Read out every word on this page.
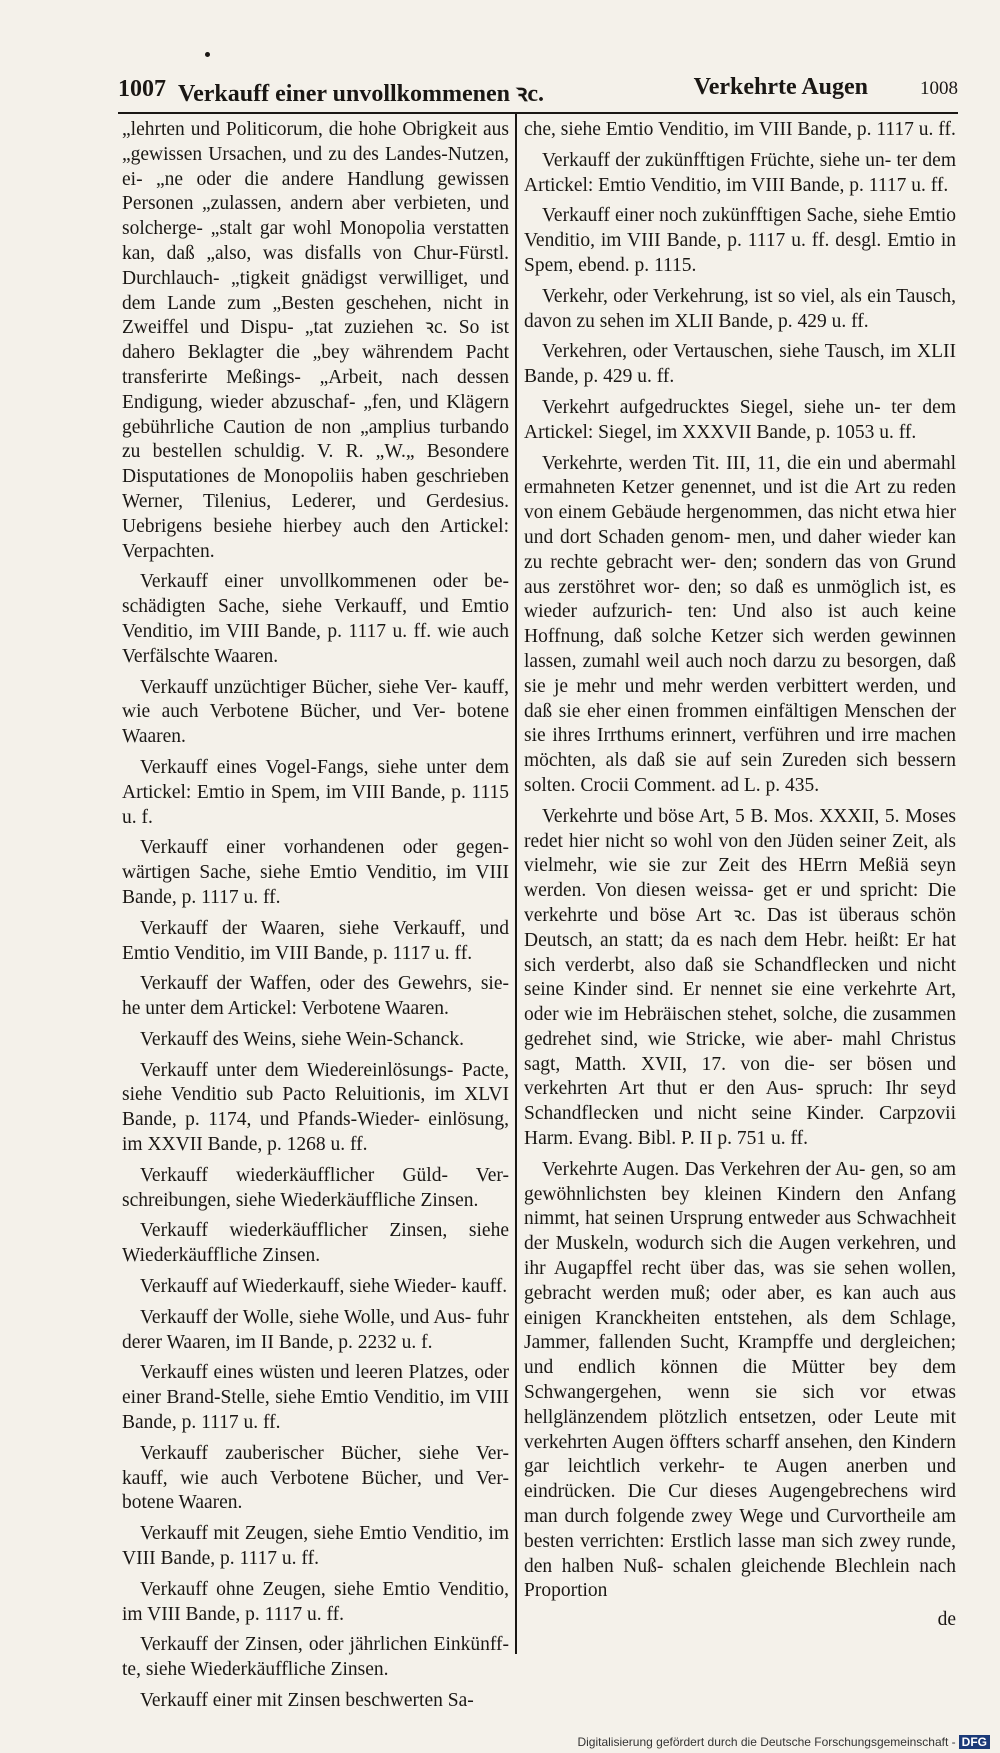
1007 Verkauff einer unvollkommenen ꝛc.	Verkehrte Augen	1008

„lehrten und Politicorum, die hohe Obrigkeit aus „gewissen Ursachen, und zu des Landes-Nutzen, ei- „ne oder die andere Handlung gewissen Personen „zulassen, andern aber verbieten, und solcherge- „stalt gar wohl Monopolia verstatten kan, daß „also, was disfalls von Chur-Fürstl. Durchlauch- „tigkeit gnädigst verwilliget, und dem Lande zum „Besten geschehen, nicht in Zweiffel und Dispu- „tat zuziehen ꝛc. So ist dahero Beklagter die „bey währendem Pacht transferirte Meßings- „Arbeit, nach dessen Endigung, wieder abzuschaf- „fen, und Klägern gebührliche Caution de non „amplius turbando zu bestellen schuldig. V. R. „W.„ Besondere Disputationes de Monopoliis haben geschrieben Werner, Tilenius, Lederer, und Gerdesius. Uebrigens besiehe hierbey auch den Artickel: Verpachten.

Verkauff einer unvollkommenen oder be- schädigten Sache, siehe Verkauff, und Emtio Venditio, im VIII Bande, p. 1117 u. ff. wie auch Verfälschte Waaren.

Verkauff unzüchtiger Bücher, siehe Ver- kauff, wie auch Verbotene Bücher, und Ver- botene Waaren.

Verkauff eines Vogel-Fangs, siehe unter dem Artickel: Emtio in Spem, im VIII Bande, p. 1115 u. f.

Verkauff einer vorhandenen oder gegen- wärtigen Sache, siehe Emtio Venditio, im VIII Bande, p. 1117 u. ff.

Verkauff der Waaren, siehe Verkauff, und Emtio Venditio, im VIII Bande, p. 1117 u. ff.

Verkauff der Waffen, oder des Gewehrs, sie- he unter dem Artickel: Verbotene Waaren.

Verkauff des Weins, siehe Wein-Schanck.

Verkauff unter dem Wiedereinlösungs- Pacte, siehe Venditio sub Pacto Reluitionis, im XLVI Bande, p. 1174, und Pfands-Wieder- einlösung, im XXVII Bande, p. 1268 u. ff.

Verkauff wiederkäufflicher Güld- Ver- schreibungen, siehe Wiederkäuffliche Zinsen.

Verkauff wiederkäufflicher Zinsen, siehe Wiederkäuffliche Zinsen.

Verkauff auf Wiederkauff, siehe Wieder- kauff.

Verkauff der Wolle, siehe Wolle, und Aus- fuhr derer Waaren, im II Bande, p. 2232 u. f.

Verkauff eines wüsten und leeren Platzes, oder einer Brand-Stelle, siehe Emtio Venditio, im VIII Bande, p. 1117 u. ff.

Verkauff zauberischer Bücher, siehe Ver- kauff, wie auch Verbotene Bücher, und Ver- botene Waaren.

Verkauff mit Zeugen, siehe Emtio Venditio, im VIII Bande, p. 1117 u. ff.

Verkauff ohne Zeugen, siehe Emtio Venditio, im VIII Bande, p. 1117 u. ff.

Verkauff der Zinsen, oder jährlichen Einkünff- te, siehe Wiederkäuffliche Zinsen.

Verkauff einer mit Zinsen beschwerten Sa-

che, siehe Emtio Venditio, im VIII Bande, p. 1117 u. ff.

Verkauff der zukünfftigen Früchte, siehe un- ter dem Artickel: Emtio Venditio, im VIII Bande, p. 1117 u. ff.

Verkauff einer noch zukünfftigen Sache, siehe Emtio Venditio, im VIII Bande, p. 1117 u. ff. desgl. Emtio in Spem, ebend. p. 1115.

Verkehr, oder Verkehrung, ist so viel, als ein Tausch, davon zu sehen im XLII Bande, p. 429 u. ff.

Verkehren, oder Vertauschen, siehe Tausch, im XLII Bande, p. 429 u. ff.

Verkehrt aufgedrucktes Siegel, siehe un- ter dem Artickel: Siegel, im XXXVII Bande, p. 1053 u. ff.

Verkehrte, werden Tit. III, 11, die ein und abermahl ermahneten Ketzer genennet, und ist die Art zu reden von einem Gebäude hergenommen, das nicht etwa hier und dort Schaden genom- men, und daher wieder kan zu rechte gebracht wer- den; sondern das von Grund aus zerstöhret wor- den; so daß es unmöglich ist, es wieder aufzurich- ten: Und also ist auch keine Hoffnung, daß solche Ketzer sich werden gewinnen lassen, zumahl weil auch noch darzu zu besorgen, daß sie je mehr und mehr werden verbittert werden, und daß sie eher einen frommen einfältigen Menschen der sie ihres Irrthums erinnert, verführen und irre machen möchten, als daß sie auf sein Zureden sich bessern solten. Crocii Comment. ad L. p. 435.

Verkehrte und böse Art, 5 B. Mos. XXXII, 5. Moses redet hier nicht so wohl von den Jüden seiner Zeit, als vielmehr, wie sie zur Zeit des HErrn Meßiä seyn werden. Von diesen weissa- get er und spricht: Die verkehrte und böse Art ꝛc. Das ist überaus schön Deutsch, an statt; da es nach dem Hebr. heißt: Er hat sich verderbt, also daß sie Schandflecken und nicht seine Kinder sind. Er nennet sie eine verkehrte Art, oder wie im Hebräischen stehet, solche, die zusammen gedrehet sind, wie Stricke, wie aber- mahl Christus sagt, Matth. XVII, 17. von die- ser bösen und verkehrten Art thut er den Aus- spruch: Ihr seyd Schandflecken und nicht seine Kinder. Carpzovii Harm. Evang. Bibl. P. II p. 751 u. ff.

Verkehrte Augen. Das Verkehren der Au- gen, so am gewöhnlichsten bey kleinen Kindern den Anfang nimmt, hat seinen Ursprung entweder aus Schwachheit der Muskeln, wodurch sich die Augen verkehren, und ihr Augapffel recht über das, was sie sehen wollen, gebracht werden muß; oder aber, es kan auch aus einigen Kranckheiten entstehen, als dem Schlage, Jammer, fallenden Sucht, Krampffe und dergleichen; und endlich können die Mütter bey dem Schwangergehen, wenn sie sich vor etwas hellglänzendem plötzlich entsetzen, oder Leute mit verkehrten Augen öffters scharff ansehen, den Kindern gar leichtlich verkehr- te Augen anerben und eindrücken. Die Cur dieses Augengebrechens wird man durch folgende zwey Wege und Curvortheile am besten verrichten: Erstlich lasse man sich zwey runde, den halben Nuß- schalen gleichende Blechlein nach Proportion

de
Digitalisierung gefördert durch die Deutsche Forschungsgemeinschaft - DFG
